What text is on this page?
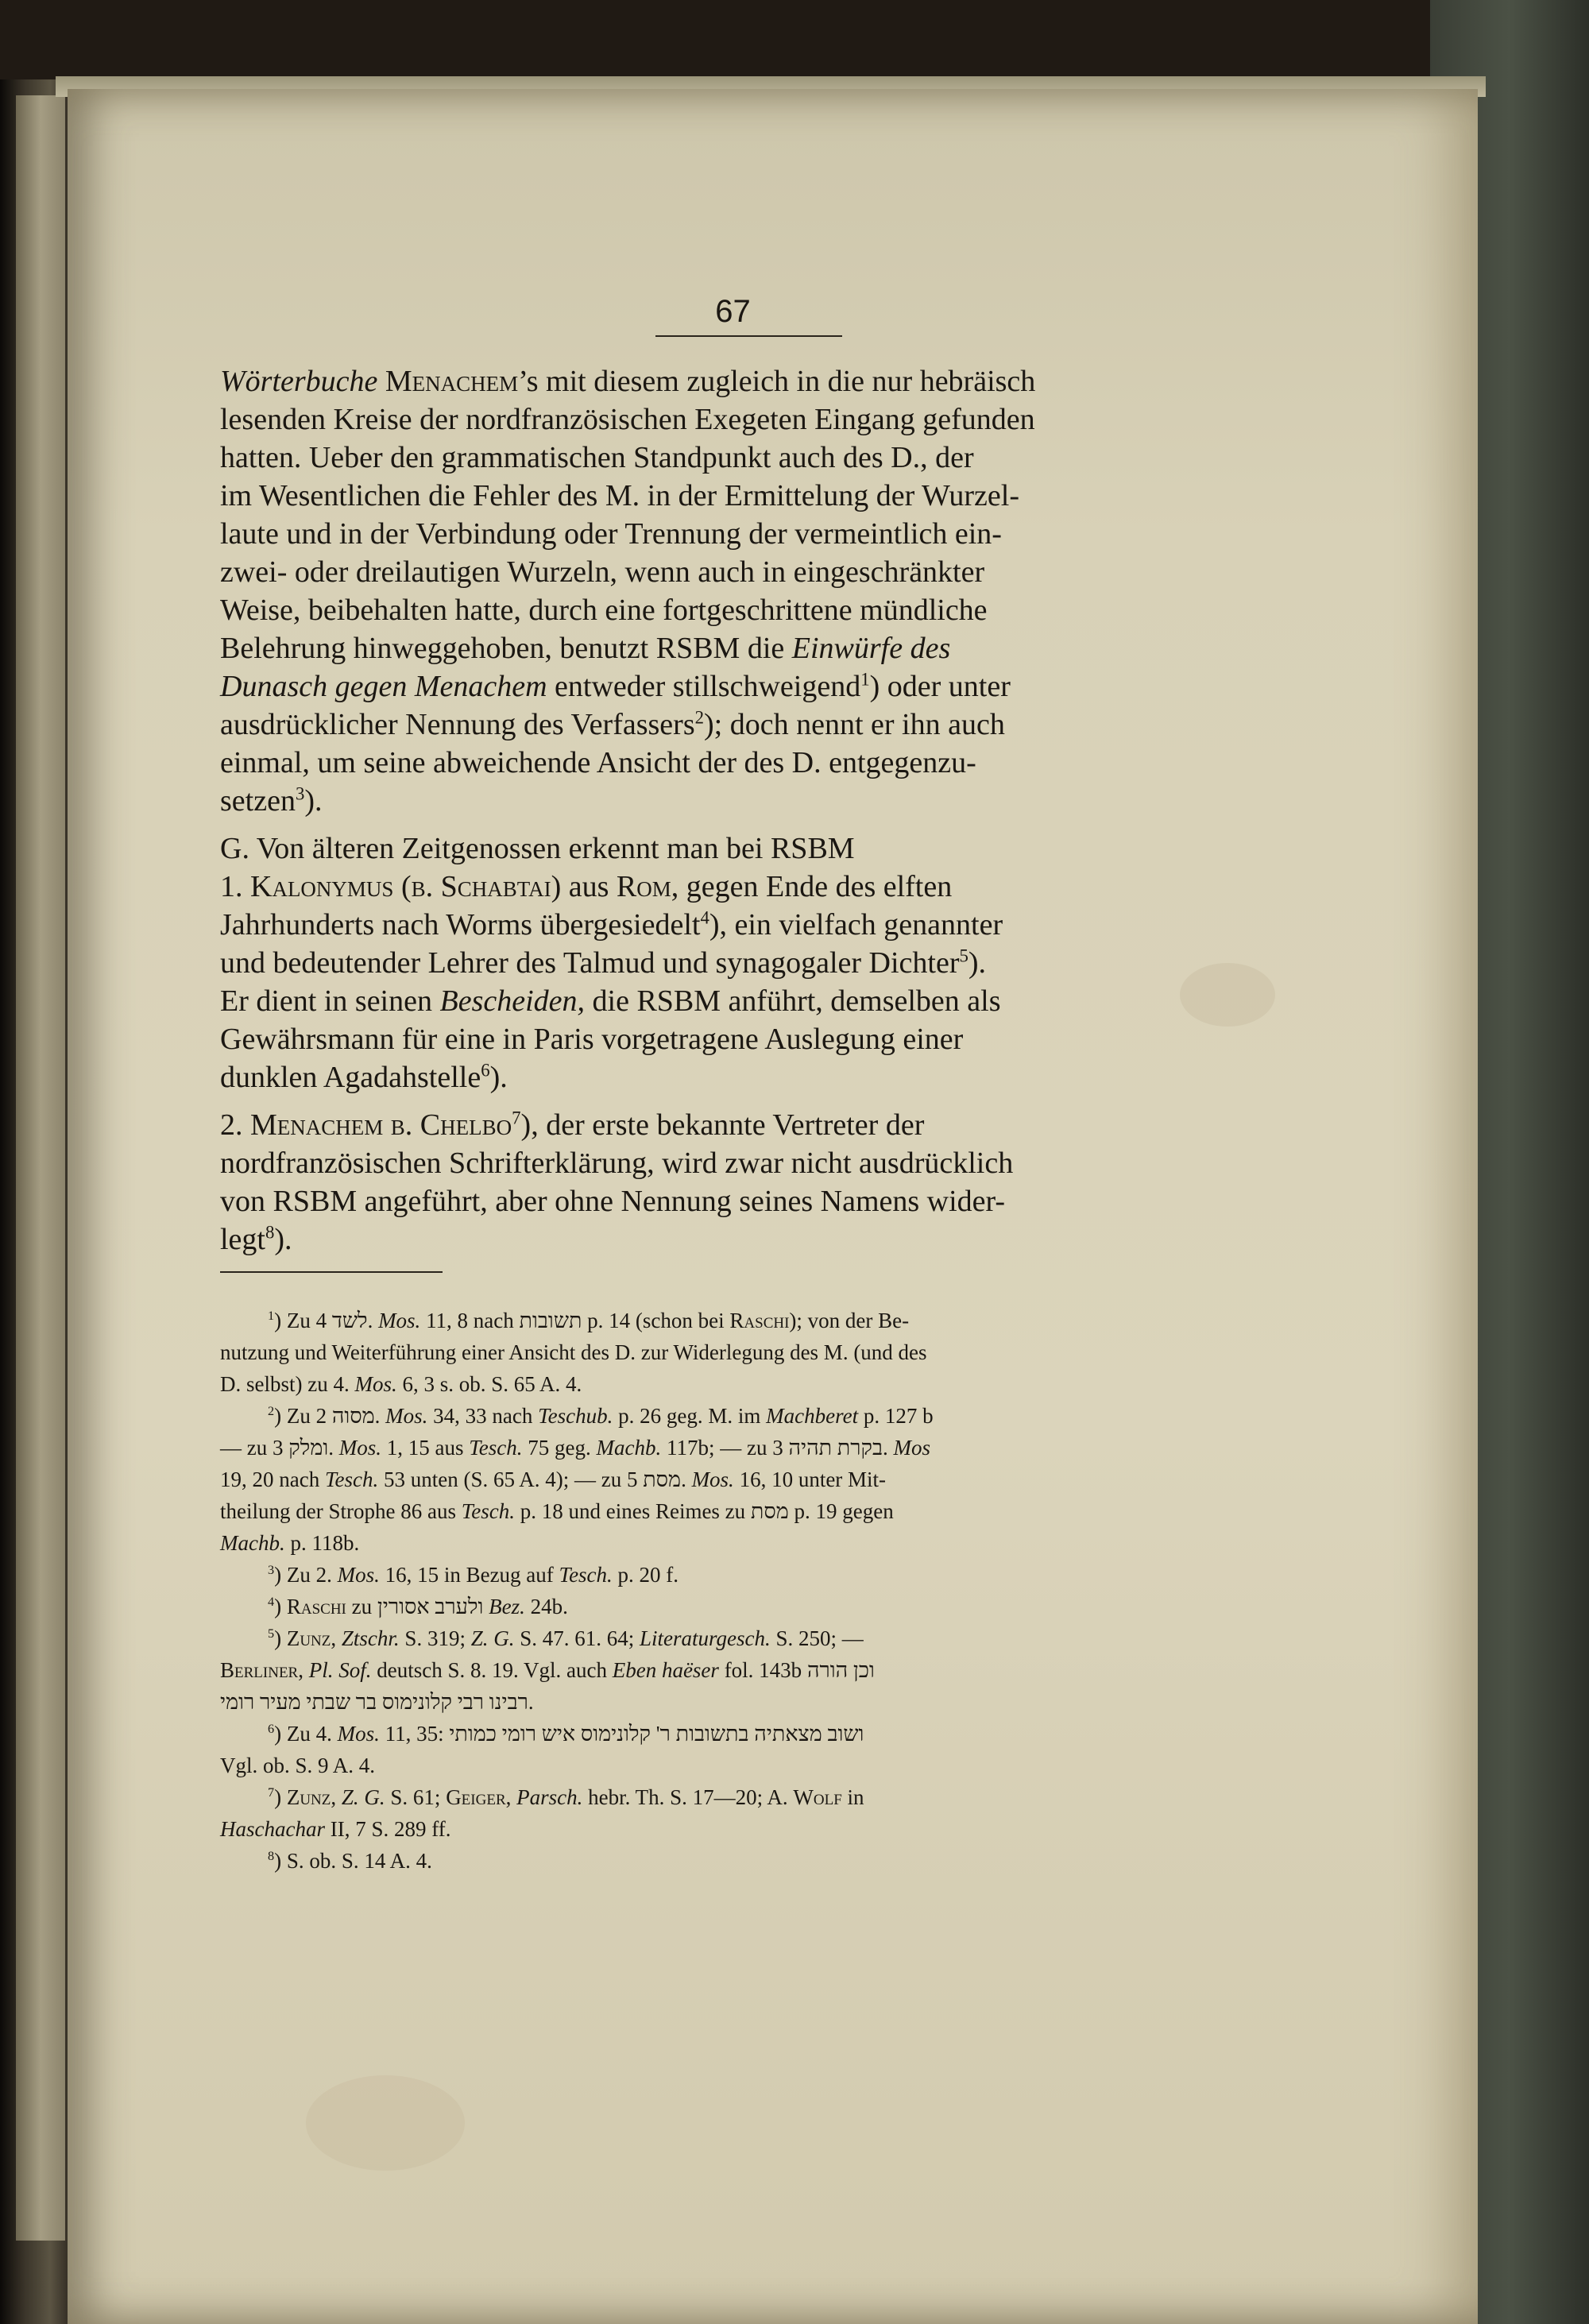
67
Wörterbuche Menachem’s mit diesem zugleich in die nur hebräisch
lesenden Kreise der nordfranzösischen Exegeten Eingang gefunden
hatten. Ueber den grammatischen Standpunkt auch des D., der
im Wesentlichen die Fehler des M. in der Ermittelung der Wurzel-
laute und in der Verbindung oder Trennung der vermeintlich ein-
zwei- oder dreilautigen Wurzeln, wenn auch in eingeschränkter
Weise, beibehalten hatte, durch eine fortgeschrittene mündliche
Belehrung hinweggehoben, benutzt RSBM die Einwürfe des
Dunasch gegen Menachem entweder stillschweigend$^1$) oder unter
ausdrücklicher Nennung des Verfassers$^2$); doch nennt er ihn auch
einmal, um seine abweichende Ansicht der des D. entgegenzu-
setzen$^3$).
G. Von älteren Zeitgenossen erkennt man bei RSBM
1. Kalonymus (b. Schabtai) aus Rom, gegen Ende des elften
Jahrhunderts nach Worms übergesiedelt$^4$), ein vielfach genannter
und bedeutender Lehrer des Talmud und synagogaler Dichter$^5$).
Er dient in seinen Bescheiden, die RSBM anführt, demselben als
Gewährsmann für eine in Paris vorgetragene Auslegung einer
dunklen Agadahstelle$^6$).
2. Menachem b. Chelbo$^7$), der erste bekannte Vertreter der
nordfranzösischen Schrifterklärung, wird zwar nicht ausdrücklich
von RSBM angeführt, aber ohne Nennung seines Namens wider-
legt$^8$).
$^1$) Zu לשד 4. Mos. 11, 8 nach תשובות p. 14 (schon bei Raschi); von der Be-
nutzung und Weiterführung einer Ansicht des D. zur Widerlegung des M. (und des
D. selbst) zu 4. Mos. 6, 3 s. ob. S. 65 A. 4.
$^2$) Zu מסוה 2. Mos. 34, 33 nach Teschub. p. 26 geg. M. im Machberet p. 127 b
— zu ומלק 3. Mos. 1, 15 aus Tesch. 75 geg. Machb. 117b; — zu בקרת תהיה 3. Mos
19, 20 nach Tesch. 53 unten (S. 65 A. 4); — zu מסת 5. Mos. 16, 10 unter Mit-
theilung der Strophe 86 aus Tesch. p. 18 und eines Reimes zu מסת p. 19 gegen
Machb. p. 118b.
$^3$) Zu 2. Mos. 16, 15 in Bezug auf Tesch. p. 20 f.
$^4$) Raschi zu ולערב אסורין Bez. 24b.
$^5$) Zunz, Ztschr. S. 319; Z. G. S. 47. 61. 64; Literaturgesch. S. 250; —
Berliner, Pl. Sof. deutsch S. 8. 19. Vgl. auch Eben haëser fol. 143b וכן הורה
רבינו רבי קלונימוס בר שבתי מעיר רומי.
$^6$) Zu 4. Mos. 11, 35: ושוב מצאתיה בתשובות ר' קלונימוס איש רומי כמותי
Vgl. ob. S. 9 A. 4.
$^7$) Zunz, Z. G. S. 61; Geiger, Parsch. hebr. Th. S. 17—20; A. Wolf in
Haschachar II, 7 S. 289 ff.
$^8$) S. ob. S. 14 A. 4.
